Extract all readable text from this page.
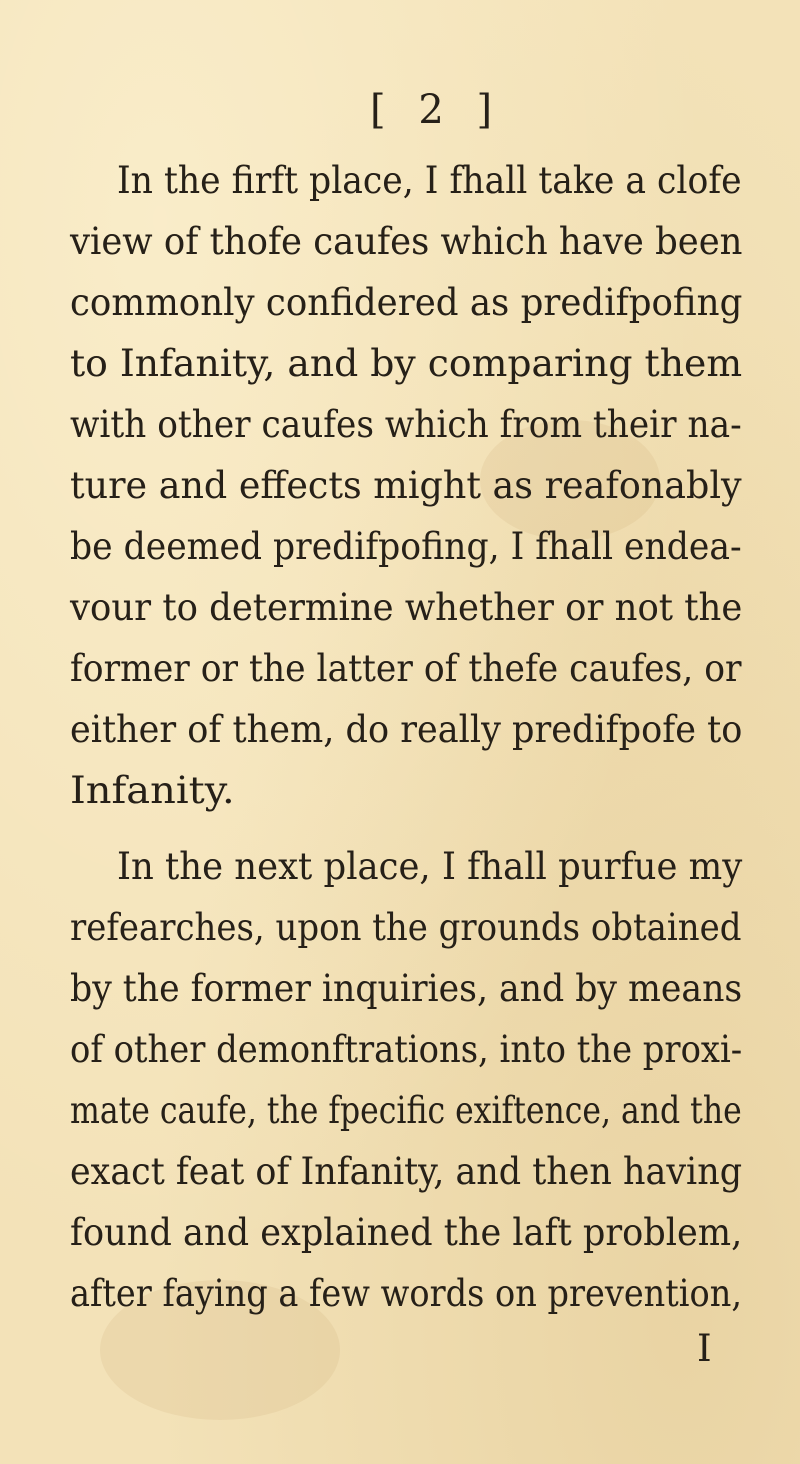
[ 2 ]
In the firft place, I fhall take a clofe
view of thofe caufes which have been
commonly confidered as predifpofing
to Infanity, and by comparing them
with other caufes which from their na-
ture and effects might as reafonably
be deemed predifpofing, I fhall endea-
vour to determine whether or not the
former or the latter of thefe caufes, or
either of them, do really predifpofe to
Infanity.
In the next place, I fhall purfue my
refearches, upon the grounds obtained
by the former inquiries, and by means
of other demonftrations, into the proxi-
mate caufe, the fpecific exiftence, and the
exact feat of Infanity, and then having
found and explained the laft problem,
after faying a few words on prevention,
I
